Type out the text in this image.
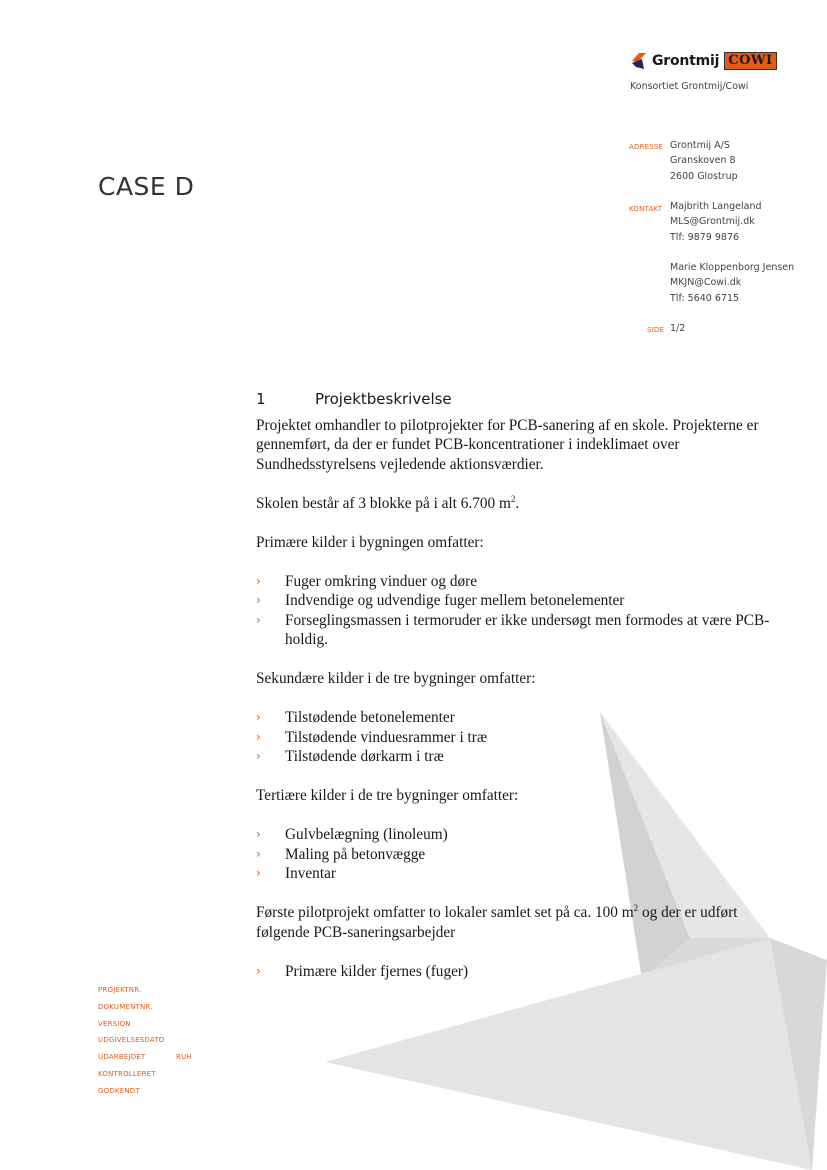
Grontmij COWI
Konsortiet Grontmij/Cowi
ADRESSE Grontmij A/S
Granskoven 8
2600 Glostrup
KONTAKT Majbrith Langeland
MLS@Grontmij.dk
Tlf: 9879 9876
Marie Kloppenborg Jensen
MKJN@Cowi.dk
Tlf: 5640 6715
SIDE 1/2
CASE D
1	Projektbeskrivelse

Projektet omhandler to pilotprojekter for PCB-sanering af en skole. Projekterne er gennemført, da der er fundet PCB-koncentrationer i indeklimaet over Sundhedsstyrelsens vejledende aktionsværdier.

Skolen består af 3 blokke på i alt 6.700 $m^2$.

Primære kilder i bygningen omfatter:

› Fuger omkring vinduer og døre
› Indvendige og udvendige fuger mellem betonelementer
› Forseglingsmassen i termoruder er ikke undersøgt men formodes at være PCB-holdig.

Sekundære kilder i de tre bygninger omfatter:

› Tilstødende betonelementer
› Tilstødende vinduesrammer i træ
› Tilstødende dørkarm i træ

Tertiære kilder i de tre bygninger omfatter:

› Gulvbelægning (linoleum)
› Maling på betonvægge
› Inventar

Første pilotprojekt omfatter to lokaler samlet set på ca. 100 $m^2$ og der er udført følgende PCB-saneringsarbejder

› Primære kilder fjernes (fuger)
PROJEKTNR.
DOKUMENTNR.
VERSION
UDGIVELSESDATO
UDARBEJDET	RUH
KONTROLLERET
GODKENDT
